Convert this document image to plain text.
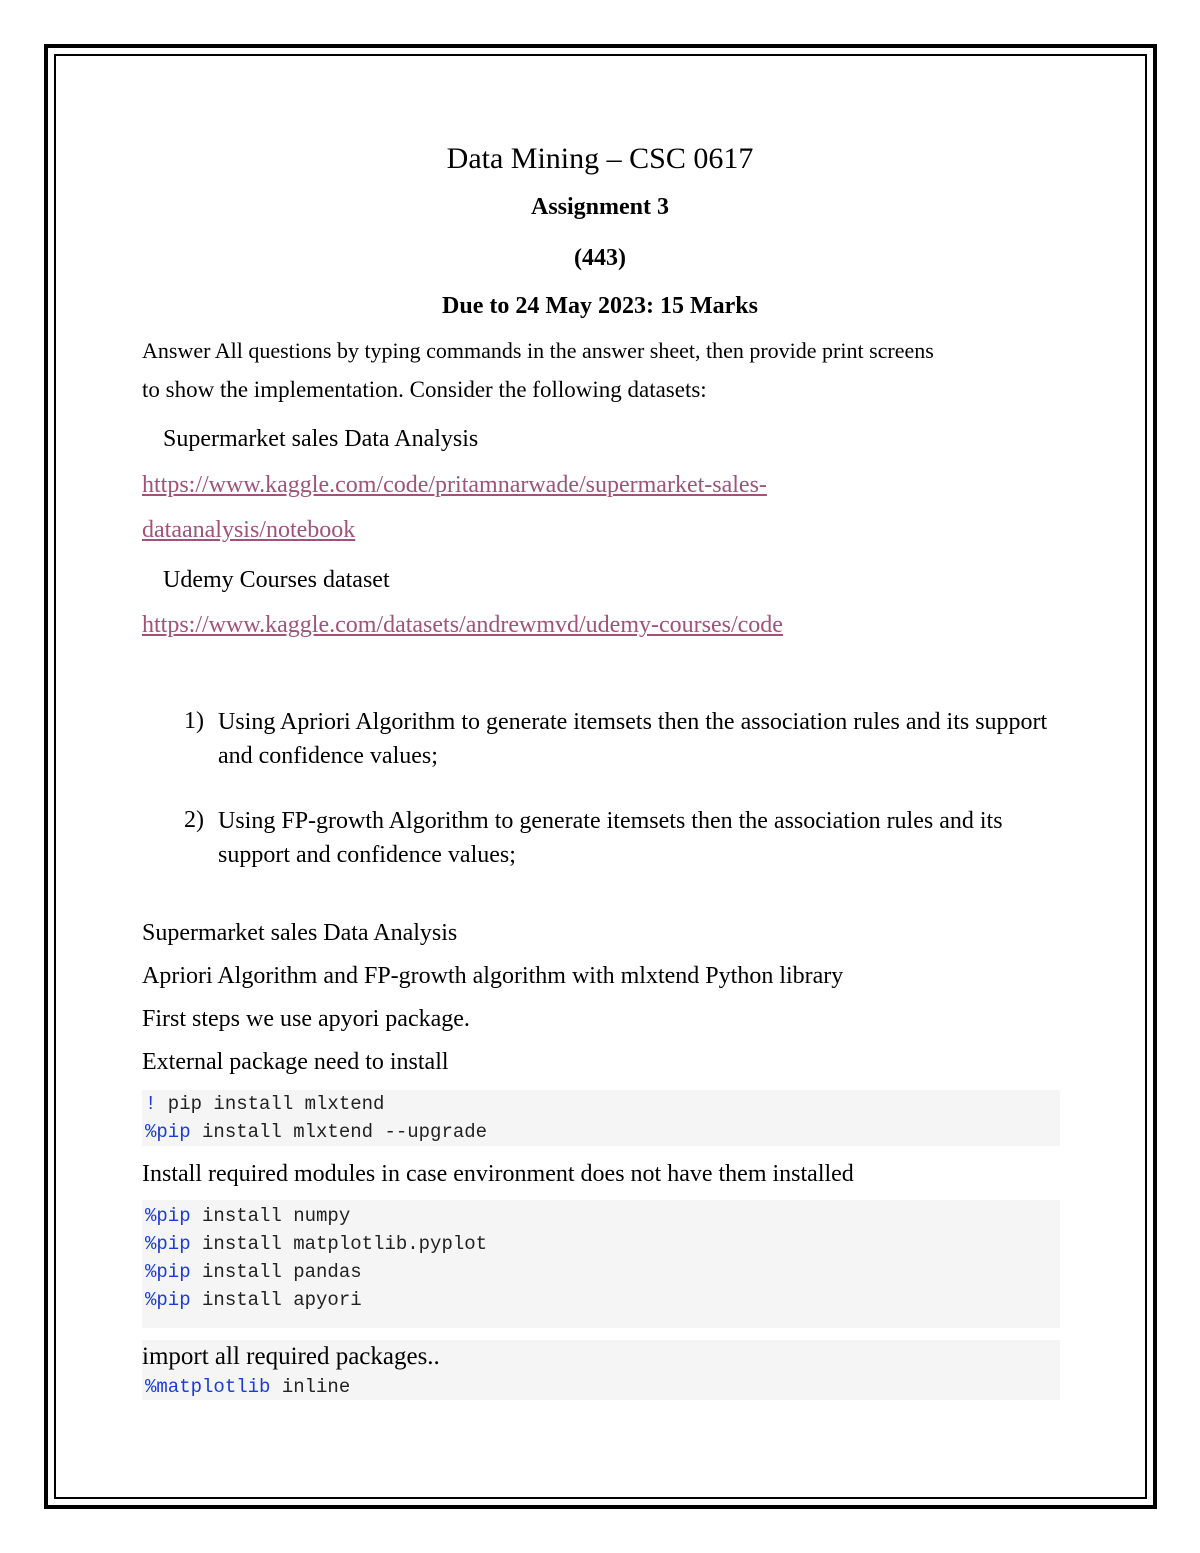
Data Mining – CSC 0617
Assignment 3
(443)
Due to 24 May 2023: 15 Marks
Answer All questions by typing commands in the answer sheet, then provide print screens
to show the implementation. Consider the following datasets:
Supermarket sales Data Analysis
https://www.kaggle.com/code/pritamnarwade/supermarket-sales-
dataanalysis/notebook
Udemy Courses dataset
https://www.kaggle.com/datasets/andrewmvd/udemy-courses/code
1) Using Apriori Algorithm to generate itemsets then the association rules and its support and confidence values;
2) Using FP-growth Algorithm to generate itemsets then the association rules and its support and confidence values;
Supermarket sales Data Analysis
Apriori Algorithm and FP-growth algorithm with mlxtend Python library
First steps we use apyori package.
External package need to install
! pip install mlxtend
%pip install mlxtend --upgrade
Install required modules in case environment does not have them installed
%pip install numpy
%pip install matplotlib.pyplot
%pip install pandas
%pip install apyori
import all required packages..
%matplotlib inline
